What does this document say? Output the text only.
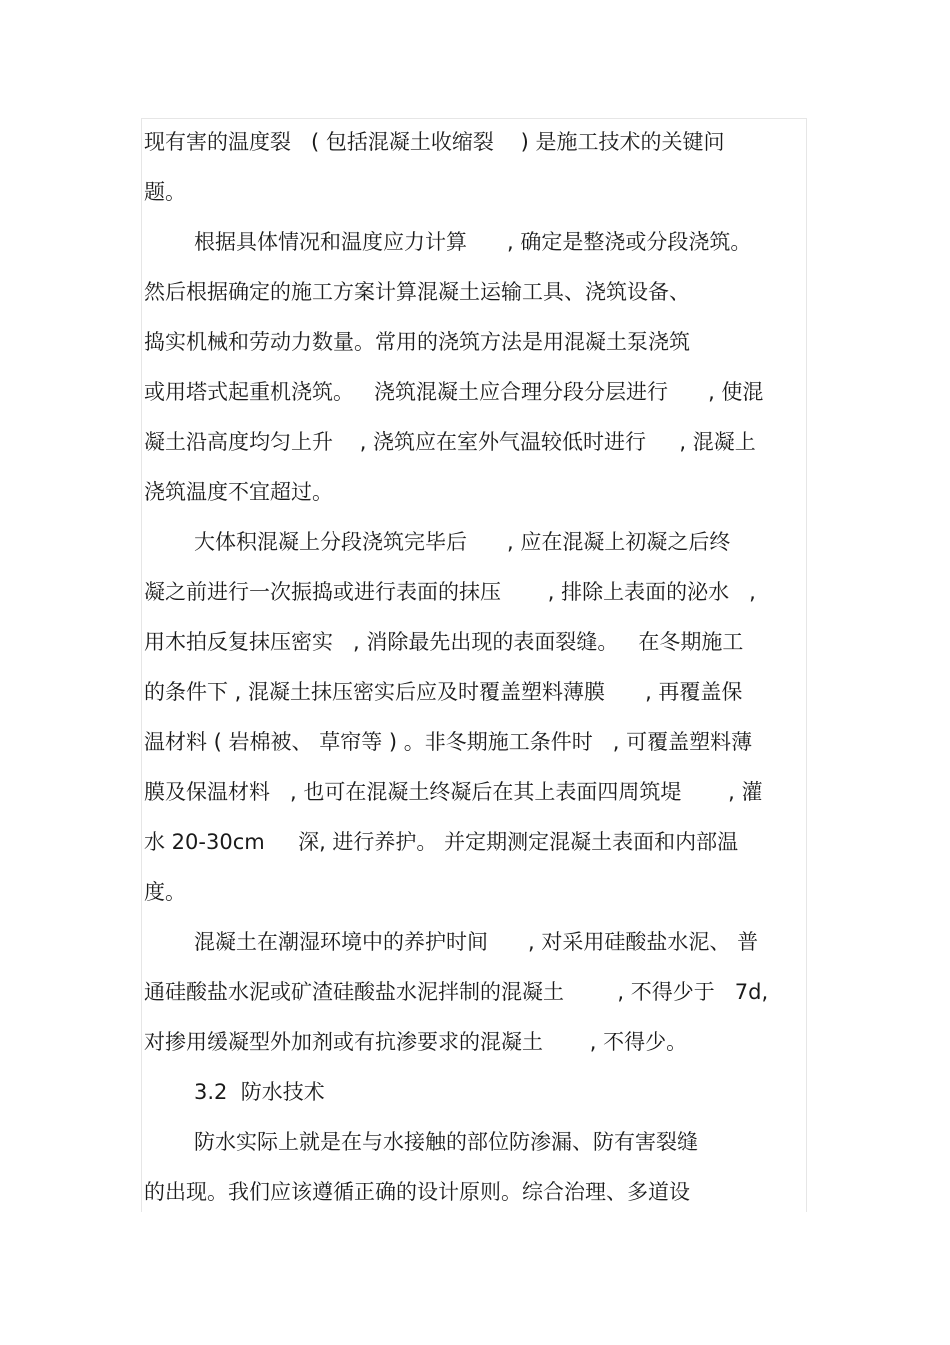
现有害的温度裂   ( 包括混凝土收缩裂    ) 是施工技术的关键问
题。
根据具体情况和温度应力计算      , 确定是整浇或分段浇筑。
然后根据确定的施工方案计算混凝土运输工具、浇筑设备、
捣实机械和劳动力数量。常用的浇筑方法是用混凝土泵浇筑
或用塔式起重机浇筑。   浇筑混凝土应合理分段分层进行      , 使混
凝土沿高度均匀上升    , 浇筑应在室外气温较低时进行     , 混凝上
浇筑温度不宜超过。
大体积混凝上分段浇筑完毕后      , 应在混凝上初凝之后终
凝之前进行一次振捣或进行表面的抹压       , 排除上表面的泌水   ,
用木拍反复抹压密实   , 消除最先出现的表面裂缝。   在冬期施工
的条件下 , 混凝土抹压密实后应及时覆盖塑料薄膜      , 再覆盖保
温材料 ( 岩棉被、 草帘等 ) 。非冬期施工条件时   , 可覆盖塑料薄
膜及保温材料   , 也可在混凝土终凝后在其上表面四周筑堤       , 灌
水 20-30cm     深, 进行养护。 并定期测定混凝土表面和内部温
度。
混凝土在潮湿环境中的养护时间      , 对采用硅酸盐水泥、 普
通硅酸盐水泥或矿渣硅酸盐水泥拌制的混凝土        , 不得少于   7d,
对掺用缓凝型外加剂或有抗渗要求的混凝土       , 不得少。
3.2  防水技术
防水实际上就是在与水接触的部位防渗漏、防有害裂缝
的出现。我们应该遵循正确的设计原则。综合治理、多道设
